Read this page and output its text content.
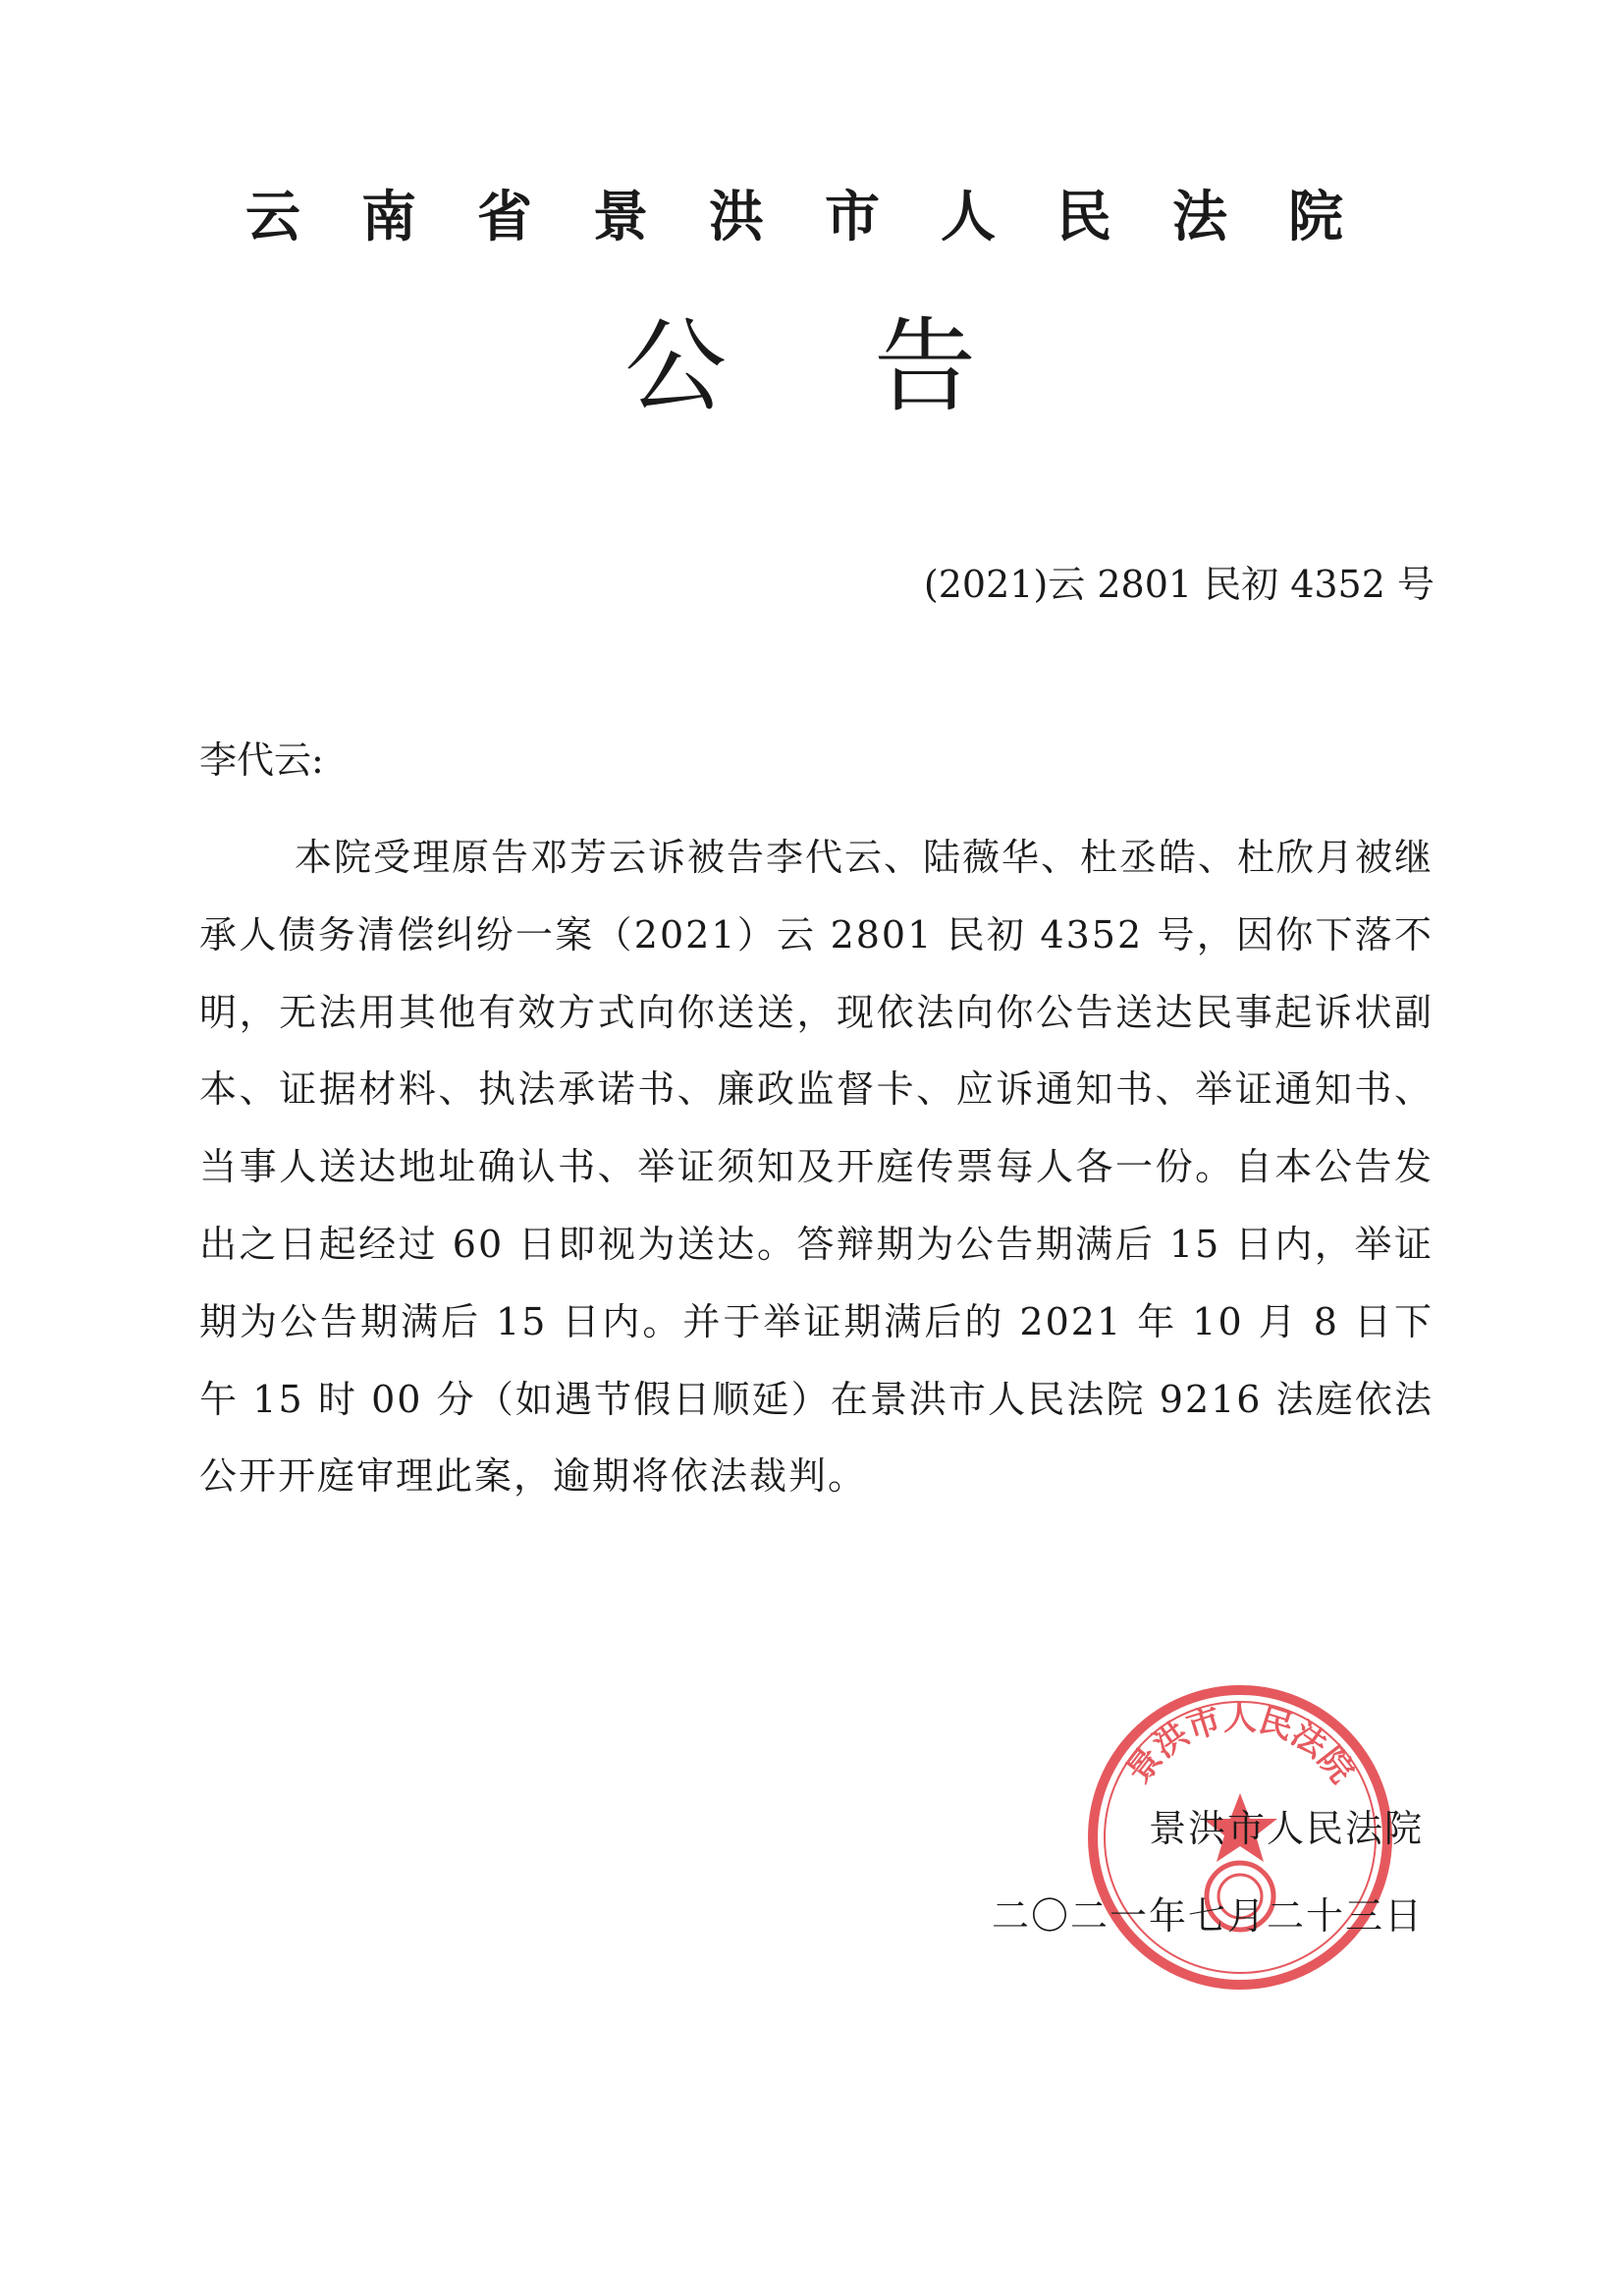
云南省景洪市人民法院
公告
(2021)云 2801 民初 4352 号
李代云:

本院受理原告邓芳云诉被告李代云、陆薇华、杜丞皓、杜欣月被继承人债务清偿纠纷一案（2021）云 2801 民初 4352 号，因你下落不明，无法用其他有效方式向你送送，现依法向你公告送达民事起诉状副本、证据材料、执法承诺书、廉政监督卡、应诉通知书、举证通知书、当事人送达地址确认书、举证须知及开庭传票每人各一份。自本公告发出之日起经过 60 日即视为送达。答辩期为公告期满后 15 日内，举证期为公告期满后 15 日内。并于举证期满后的 2021 年 10 月 8 日下午 15 时 00 分（如遇节假日顺延）在景洪市人民法院 9216 法庭依法公开开庭审理此案，逾期将依法裁判。

景洪市人民法院
景洪市人民法院
二〇二一年七月二十三日
